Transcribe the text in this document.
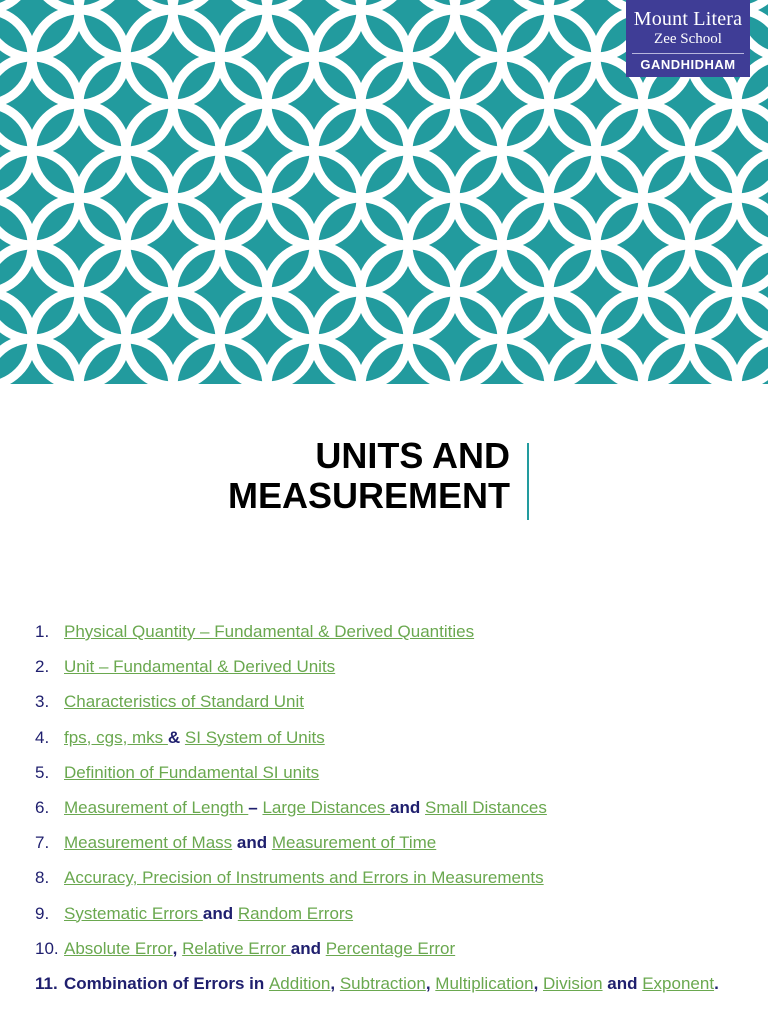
Mount Litera
Zee School
GANDHIDHAM
UNITS AND
MEASUREMENT
1. Physical Quantity – Fundamental & Derived Quantities
2. Unit – Fundamental & Derived Units
3. Characteristics of Standard Unit
4. fps, cgs, mks & SI System of Units
5. Definition of Fundamental SI units
6. Measurement of Length – Large Distances and Small Distances
7. Measurement of Mass and Measurement of Time
8. Accuracy, Precision of Instruments and Errors in Measurements
9. Systematic Errors and Random Errors
10. Absolute Error, Relative Error and Percentage Error
11. Combination of Errors in Addition, Subtraction, Multiplication, Division and Exponent.
